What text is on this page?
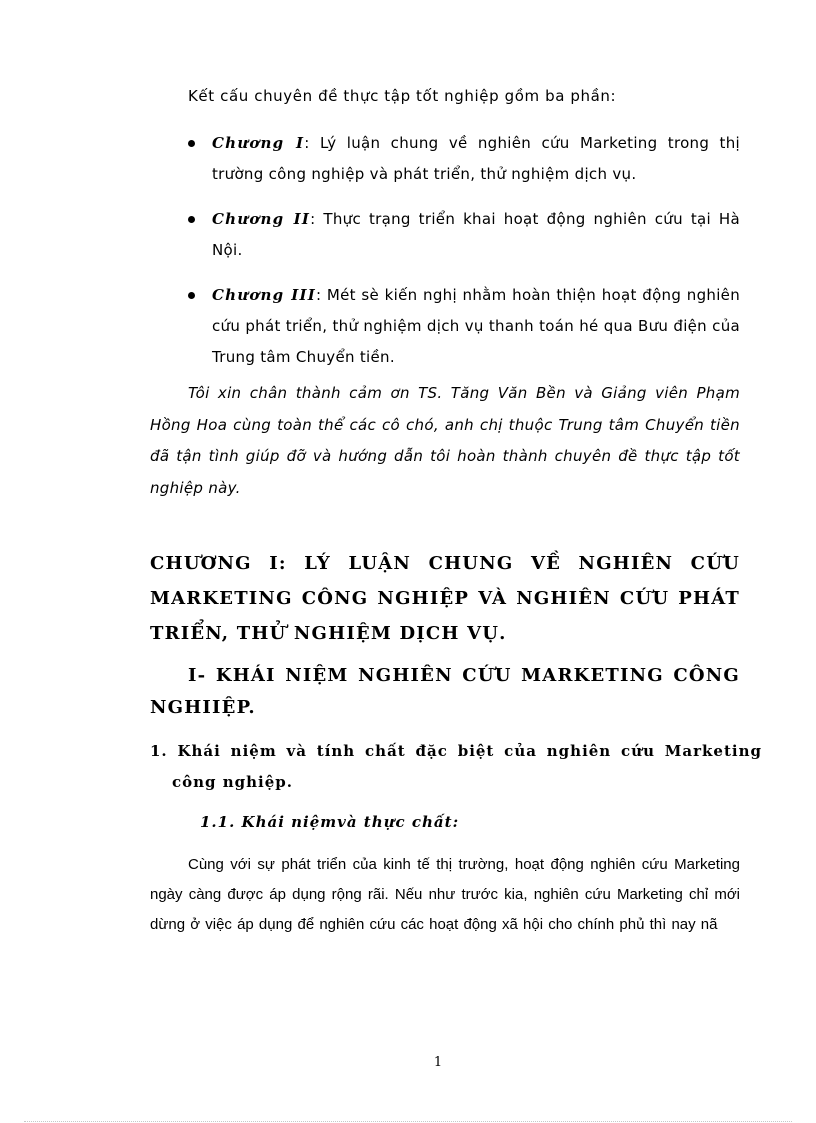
Kết cấu chuyên đề thực tập tốt nghiệp gồm ba phần:
Chương I: Lý luận chung về nghiên cứu Marketing trong thị trường công nghiệp và phát triển, thử nghiệm dịch vụ.
Chương II: Thực trạng triển khai hoạt động nghiên cứu tại Hà Nội.
Chương III: Mét sè kiến nghị nhằm hoàn thiện hoạt động nghiên cứu phát triển, thử nghiệm dịch vụ thanh toán hé qua Bưu điện của Trung tâm Chuyển tiền.

Tôi xin chân thành cảm ơn TS. Tăng Văn Bền và Giảng viên Phạm Hồng Hoa cùng toàn thể các cô chó, anh chị thuộc Trung tâm Chuyển tiền đã tận tình giúp đỡ và hướng dẫn tôi hoàn thành chuyên đề thực tập tốt nghiệp này.

CHƯƠNG I: LÝ LUẬN CHUNG VỀ NGHIÊN CỨU MARKETING CÔNG NGHIỆP VÀ NGHIÊN CỨU PHÁT TRIỂN, THỬ NGHIỆM DỊCH VỤ.
I- KHÁI NIỆM NGHIÊN CỨU MARKETING CÔNG NGHIIỆP.
1. Khái niệm và tính chất đặc biệt của nghiên cứu Marketing công nghiệp.
1.1. Khái niệmvà thực chất:

Cùng với sự phát triển của kinh tế thị trường, hoạt động nghiên cứu Marketing ngày càng được áp dụng rộng rãi. Nếu như trước kia, nghiên cứu Marketing chỉ mới dừng ở việc áp dụng để nghiên cứu các hoạt động xã hội cho chính phủ thì nay nã

1
